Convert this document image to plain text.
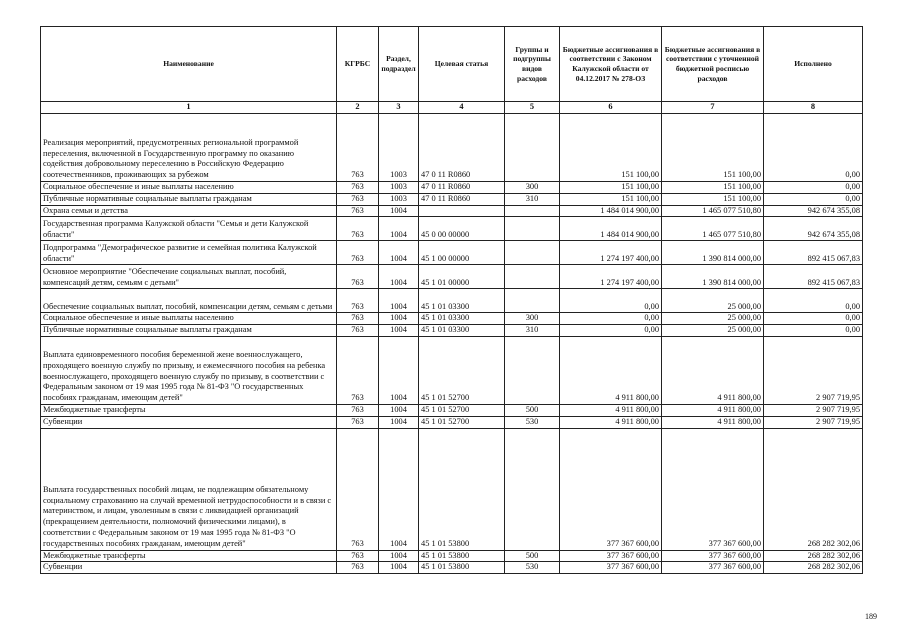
Наименование	КГРБС	Раздел, подраздел	Целевая статья	Группы и подгруппы видов расходов	Бюджетные ассигнования в соответствии с Законом Калужской области от 04.12.2017 № 278-ОЗ	Бюджетные ассигнования в соответствии с уточненной бюджетной росписью расходов	Исполнено
1	2	3	4	5	6	7	8
Реализация мероприятий, предусмотренных региональной программой переселения, включенной в Государственную программу по оказанию содействия добровольному переселению в Российскую Федерацию соотечественников, проживающих за рубежом	763	1003	47 0 11 R0860		151 100,00	151 100,00	0,00
Социальное обеспечение и иные выплаты населению	763	1003	47 0 11 R0860	300	151 100,00	151 100,00	0,00
Публичные нормативные социальные выплаты гражданам	763	1003	47 0 11 R0860	310	151 100,00	151 100,00	0,00
Охрана семьи и детства	763	1004			1 484 014 900,00	1 465 077 510,80	942 674 355,08
Государственная программа Калужской области "Семья и дети Калужской области"	763	1004	45 0 00 00000		1 484 014 900,00	1 465 077 510,80	942 674 355,08
Подпрограмма "Демографическое развитие и семейная политика Калужской области"	763	1004	45 1 00 00000		1 274 197 400,00	1 390 814 000,00	892 415 067,83
Основное мероприятие "Обеспечение социальных выплат, пособий, компенсаций детям, семьям с детьми"	763	1004	45 1 01 00000		1 274 197 400,00	1 390 814 000,00	892 415 067,83
Обеспечение социальных выплат, пособий, компенсации детям, семьям с детьми	763	1004	45 1 01 03300		0,00	25 000,00	0,00
Социальное обеспечение и иные выплаты населению	763	1004	45 1 01 03300	300	0,00	25 000,00	0,00
Публичные нормативные социальные выплаты гражданам	763	1004	45 1 01 03300	310	0,00	25 000,00	0,00
Выплата единовременного пособия беременной жене военнослужащего, проходящего военную службу по призыву, и ежемесячного пособия на ребенка военнослужащего, проходящего военную службу по призыву, в соответствии с Федеральным законом от 19 мая 1995 года № 81-ФЗ "О государственных пособиях гражданам, имеющим детей"	763	1004	45 1 01 52700		4 911 800,00	4 911 800,00	2 907 719,95
Межбюджетные трансферты	763	1004	45 1 01 52700	500	4 911 800,00	4 911 800,00	2 907 719,95
Субвенции	763	1004	45 1 01 52700	530	4 911 800,00	4 911 800,00	2 907 719,95
Выплата государственных пособий лицам, не подлежащим обязательному социальному страхованию на случай временной нетрудоспособности и в связи с материнством, и лицам, уволенным в связи с ликвидацией организаций (прекращением деятельности, полномочий физическими лицами), в соответствии с Федеральным законом от 19 мая 1995 года № 81-ФЗ "О государственных пособиях гражданам, имеющим детей"	763	1004	45 1 01 53800		377 367 600,00	377 367 600,00	268 282 302,06
Межбюджетные трансферты	763	1004	45 1 01 53800	500	377 367 600,00	377 367 600,00	268 282 302,06
Субвенции	763	1004	45 1 01 53800	530	377 367 600,00	377 367 600,00	268 282 302,06
189
